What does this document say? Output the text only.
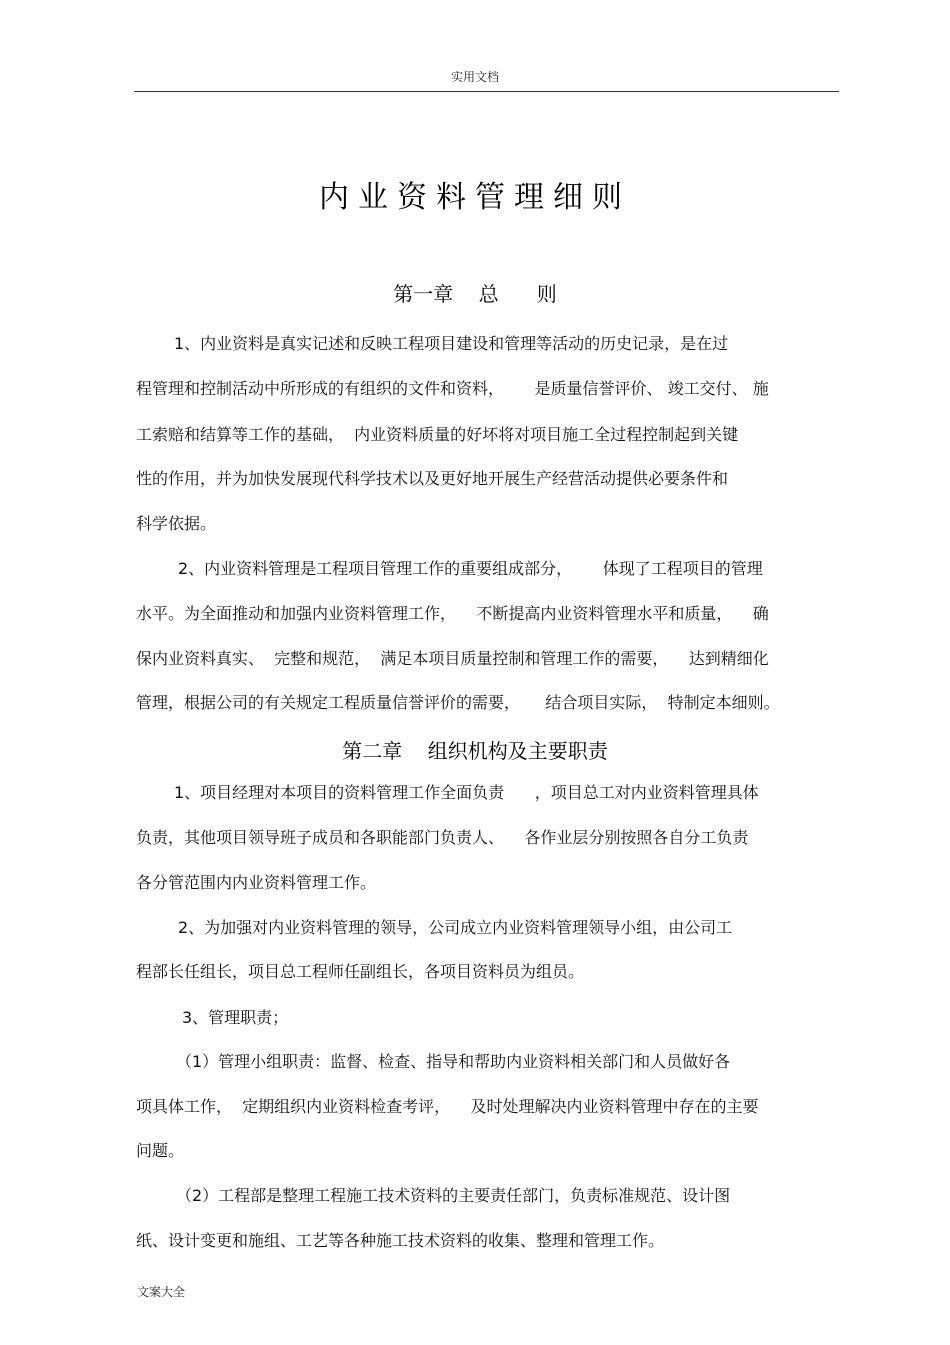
实用文档
内业资料管理细则
第一章    总      则
1、内业资料是真实记述和反映工程项目建设和管理等活动的历史记录，是在过
程管理和控制活动中所形成的有组织的文件和资料，      是质量信誉评价、 竣工交付、 施
工索赔和结算等工作的基础，  内业资料质量的好坏将对项目施工全过程控制起到关键
性的作用，并为加快发展现代科学技术以及更好地开展生产经营活动提供必要条件和
科学依据。
2、内业资料管理是工程项目管理工作的重要组成部分，      体现了工程项目的管理
水平。为全面推动和加强内业资料管理工作，    不断提高内业资料管理水平和质量，    确
保内业资料真实、  完整和规范，  满足本项目质量控制和管理工作的需要，    达到精细化
管理，根据公司的有关规定工程质量信誉评价的需要，     结合项目实际，  特制定本细则。
第二章    组织机构及主要职责
1、项目经理对本项目的资料管理工作全面负责      ，项目总工对内业资料管理具体
负责，其他项目领导班子成员和各职能部门负责人、    各作业层分别按照各自分工负责
各分管范围内内业资料管理工作。
2、为加强对内业资料管理的领导，公司成立内业资料管理领导小组，由公司工
程部长任组长，项目总工程师任副组长，各项目资料员为组员。
3、管理职责；
（1）管理小组职责：监督、检查、指导和帮助内业资料相关部门和人员做好各
项具体工作，  定期组织内业资料检查考评，    及时处理解决内业资料管理中存在的主要
问题。
（2）工程部是整理工程施工技术资料的主要责任部门，负责标准规范、设计图
纸、设计变更和施组、工艺等各种施工技术资料的收集、整理和管理工作。
文案大全
